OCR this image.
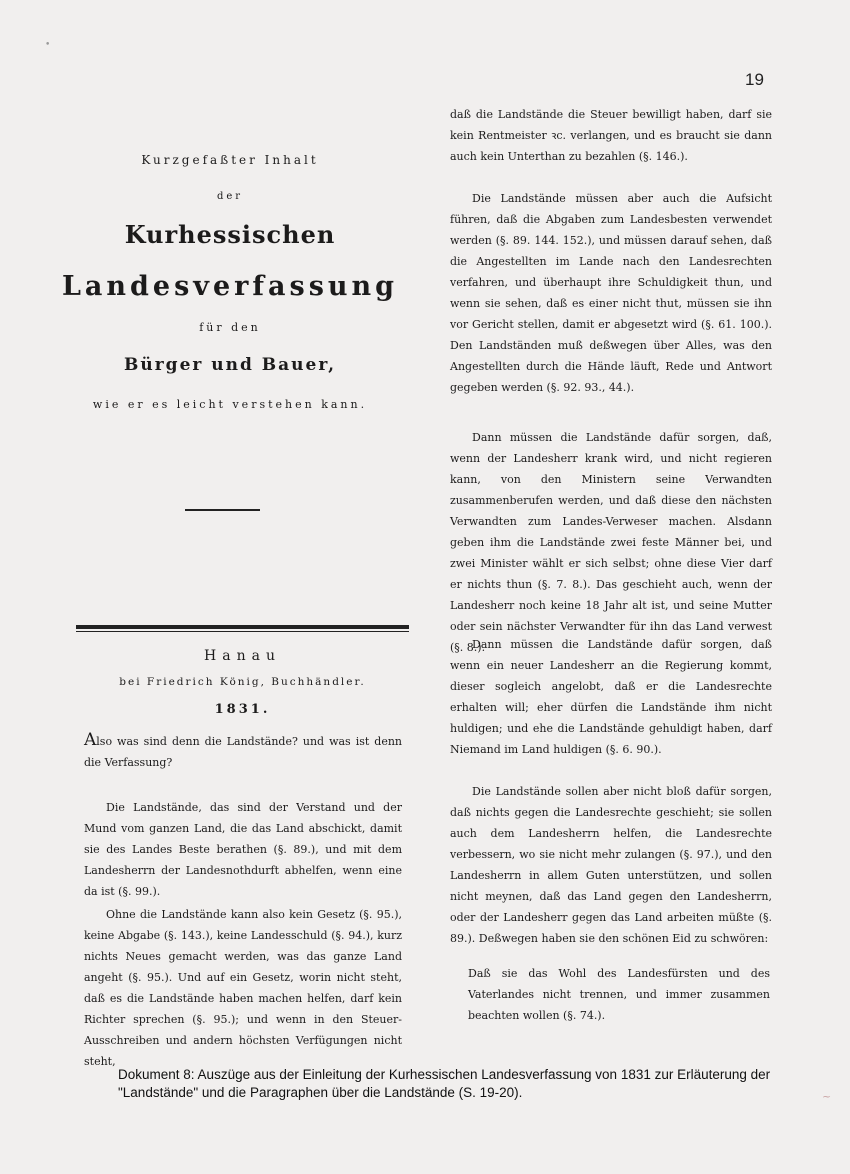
•
19
Kurzgefaßter Inhalt
der
Kurhessischen
Landesverfassung
für den
Bürger und Bauer,
wie er es leicht verstehen kann.
Hanau
bei Friedrich König, Buchhändler.
1831.

Also was sind denn die Landstände? und was ist denn die Verfassung?

Die Landstände, das sind der Verstand und der Mund vom ganzen Land, die das Land abschickt, damit sie des Landes Beste berathen (§. 89.), und mit dem Landesherrn der Landesnothdurft abhelfen, wenn eine da ist (§. 99.).

Ohne die Landstände kann also kein Gesetz (§. 95.), keine Abgabe (§. 143.), keine Landesschuld (§. 94.), kurz nichts Neues gemacht werden, was das ganze Land angeht (§. 95.). Und auf ein Gesetz, worin nicht steht, daß es die Landstände haben machen helfen, darf kein Richter sprechen (§. 95.); und wenn in den Steuer-Ausschreiben und andern höchsten Verfügungen nicht steht,

daß die Landstände die Steuer bewilligt haben, darf sie kein Rentmeister ꝛc. verlangen, und es braucht sie dann auch kein Unterthan zu bezahlen (§. 146.).

Die Landstände müssen aber auch die Aufsicht führen, daß die Abgaben zum Landesbesten verwendet werden (§. 89. 144. 152.), und müssen darauf sehen, daß die Angestellten im Lande nach den Landesrechten verfahren, und überhaupt ihre Schuldigkeit thun, und wenn sie sehen, daß es einer nicht thut, müssen sie ihn vor Gericht stellen, damit er abgesetzt wird (§. 61. 100.). Den Landständen muß deßwegen über Alles, was den Angestellten durch die Hände läuft, Rede und Antwort gegeben werden (§. 92. 93., 44.).

Dann müssen die Landstände dafür sorgen, daß, wenn der Landesherr krank wird, und nicht regieren kann, von den Ministern seine Verwandten zusammenberufen werden, und daß diese den nächsten Verwandten zum Landes-Verweser machen. Alsdann geben ihm die Landstände zwei feste Männer bei, und zwei Minister wählt er sich selbst; ohne diese Vier darf er nichts thun (§. 7. 8.). Das geschieht auch, wenn der Landesherr noch keine 18 Jahr alt ist, und seine Mutter oder sein nächster Verwandter für ihn das Land verwest (§. 8.).

Dann müssen die Landstände dafür sorgen, daß wenn ein neuer Landesherr an die Regierung kommt, dieser sogleich angelobt, daß er die Landesrechte erhalten will; eher dürfen die Landstände ihm nicht huldigen; und ehe die Landstände gehuldigt haben, darf Niemand im Land huldigen (§. 6. 90.).

Die Landstände sollen aber nicht bloß dafür sorgen, daß nichts gegen die Landesrechte geschieht; sie sollen auch dem Landesherrn helfen, die Landesrechte verbessern, wo sie nicht mehr zulangen (§. 97.), und den Landesherrn in allem Guten unterstützen, und sollen nicht meynen, daß das Land gegen den Landesherrn, oder der Landesherr gegen das Land arbeiten müßte (§. 89.). Deßwegen haben sie den schönen Eid zu schwören:

Daß sie das Wohl des Landesfürsten und des Vaterlandes nicht trennen, und immer zusammen beachten wollen (§. 74.).

Dokument 8: Auszüge aus der Einleitung der Kurhessischen Landesverfassung von 1831 zur Erläuterung der "Landstände" und die Paragraphen über die Landstände (S. 19-20).	~
